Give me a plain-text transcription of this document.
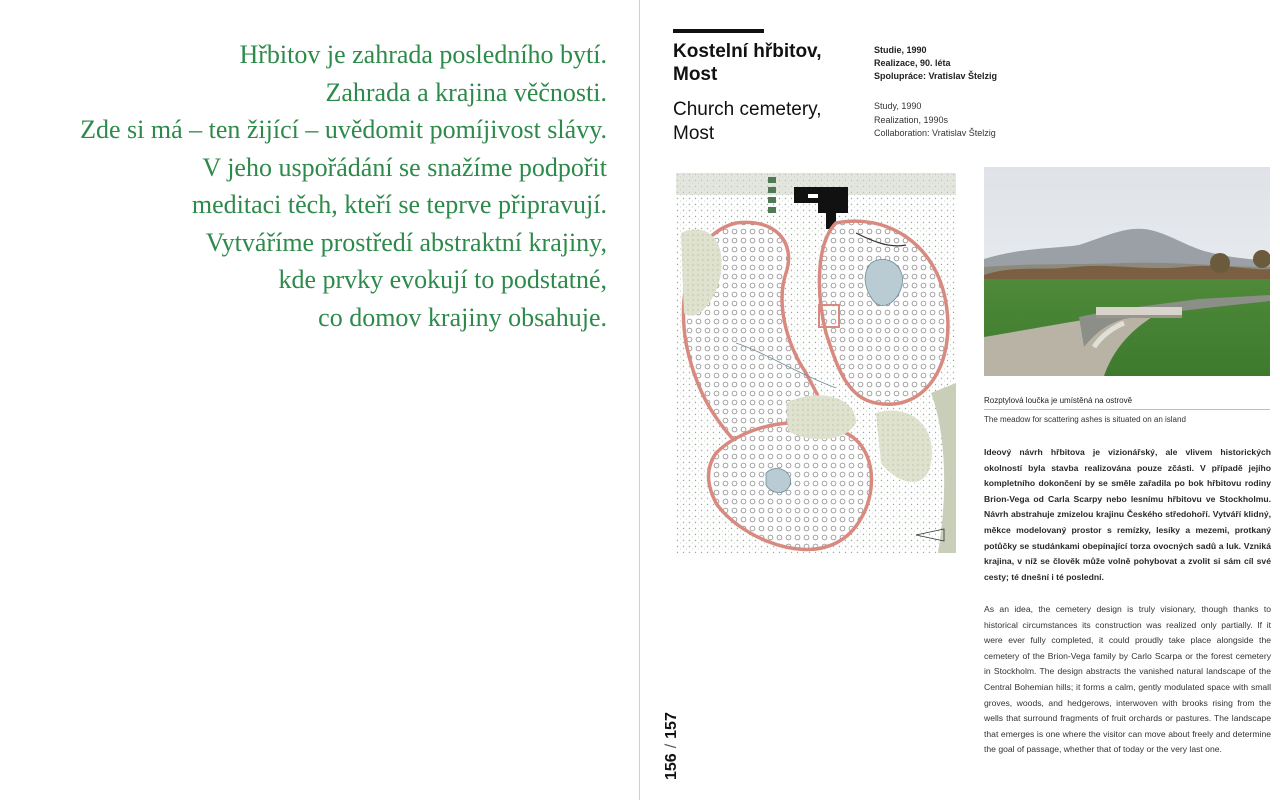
Hřbitov je zahrada posledního bytí.
Zahrada a krajina věčnosti.
Zde si má – ten žijící – uvědomit pomíjivost slávy.
V jeho uspořádání se snažíme podpořit
meditaci těch, kteří se teprve připravují.
Vytváříme prostředí abstraktní krajiny,
kde prvky evokují to podstatné,
co domov krajiny obsahuje.
Kostelní hřbitov, Most
Church cemetery, Most
Studie, 1990
Realizace, 90. léta
Spolupráce: Vratislav Štelzig
Study, 1990
Realization, 1990s
Collaboration: Vratislav Štelzig
Rozptylová loučka je umístěná na ostrově
The meadow for scattering ashes is situated on an island
Ideový návrh hřbitova je vizionářský, ale vlivem historických okolností byla stavba realizována pouze zčásti. V případě jejího kompletního dokončení by se směle zařadila po bok hřbitovu rodiny Brion-Vega od Carla Scarpy nebo lesnímu hřbitovu ve Stockholmu. Návrh abstrahuje zmizelou krajinu Českého středohoří. Vytváří klidný, měkce modelovaný prostor s remízky, lesíky a mezemi, protkaný potůčky se studánkami obepínající torza ovocných sadů a luk. Vzniká krajina, v níž se člověk může volně pohybovat a zvolit si sám cíl své cesty; té dnešní i té poslední.
As an idea, the cemetery design is truly visionary, though thanks to historical circumstances its construction was realized only partially. If it were ever fully completed, it could proudly take place alongside the cemetery of the Brion-Vega family by Carlo Scarpa or the forest cemetery in Stockholm. The design abstracts the vanished natural landscape of the Central Bohemian hills; it forms a calm, gently modulated space with small groves, woods, and hedgerows, interwoven with brooks rising from the wells that surround fragments of fruit orchards or pastures. The landscape that emerges is one where the visitor can move about freely and determine the goal of passage, whether that of today or the very last one.
156/157
